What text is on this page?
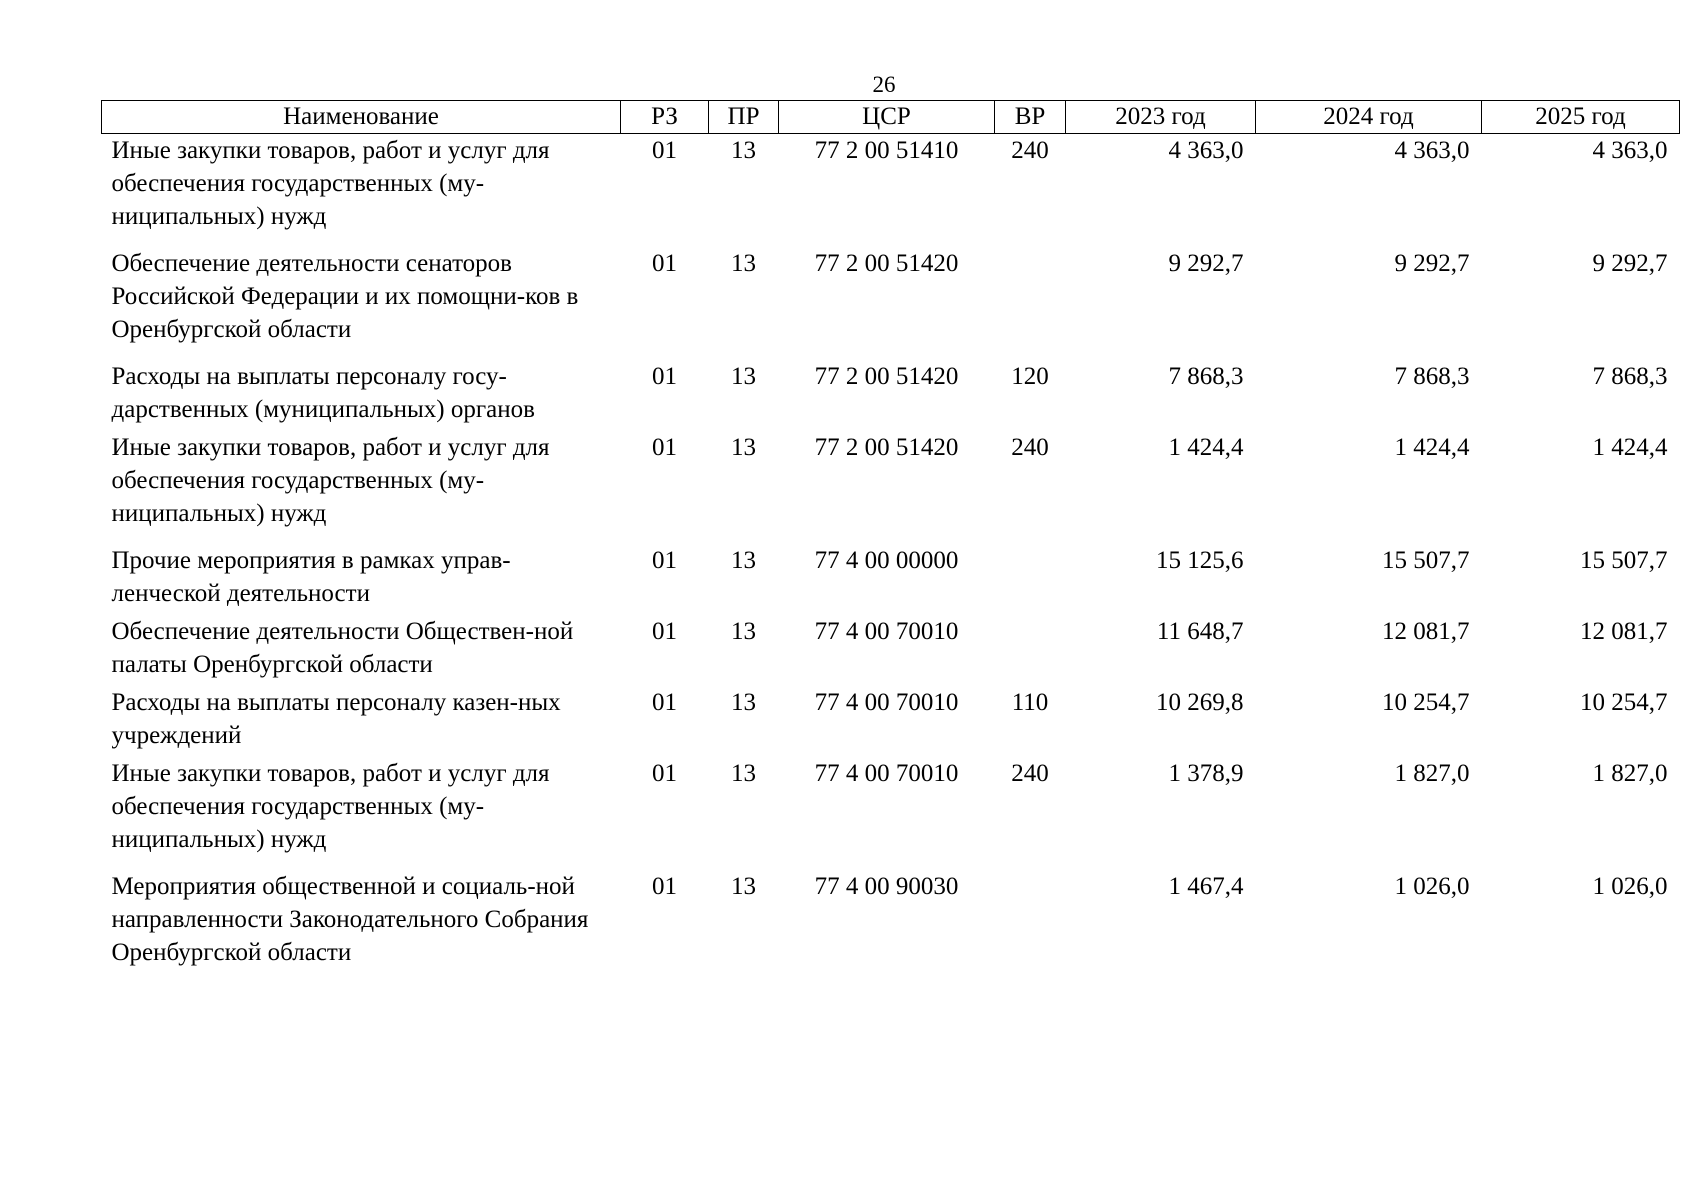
26
Наименование	РЗ	ПР	ЦСР	ВР	2023 год	2024 год	2025 год
Иные закупки товаров, работ и услуг для обеспечения государственных (му-ниципальных) нужд	01	13	77 2 00 51410	240	4 363,0	4 363,0	4 363,0
Обеспечение деятельности сенаторов Российской Федерации и их помощни-ков в Оренбургской области	01	13	77 2 00 51420		9 292,7	9 292,7	9 292,7
Расходы на выплаты персоналу госу-дарственных (муниципальных) органов	01	13	77 2 00 51420	120	7 868,3	7 868,3	7 868,3
Иные закупки товаров, работ и услуг для обеспечения государственных (му-ниципальных) нужд	01	13	77 2 00 51420	240	1 424,4	1 424,4	1 424,4
Прочие мероприятия в рамках управ-ленческой деятельности	01	13	77 4 00 00000		15 125,6	15 507,7	15 507,7
Обеспечение деятельности Обществен-ной палаты Оренбургской области	01	13	77 4 00 70010		11 648,7	12 081,7	12 081,7
Расходы на выплаты персоналу казен-ных учреждений	01	13	77 4 00 70010	110	10 269,8	10 254,7	10 254,7
Иные закупки товаров, работ и услуг для обеспечения государственных (му-ниципальных) нужд	01	13	77 4 00 70010	240	1 378,9	1 827,0	1 827,0
Мероприятия общественной и социаль-ной направленности Законодательного Собрания Оренбургской области	01	13	77 4 00 90030		1 467,4	1 026,0	1 026,0
